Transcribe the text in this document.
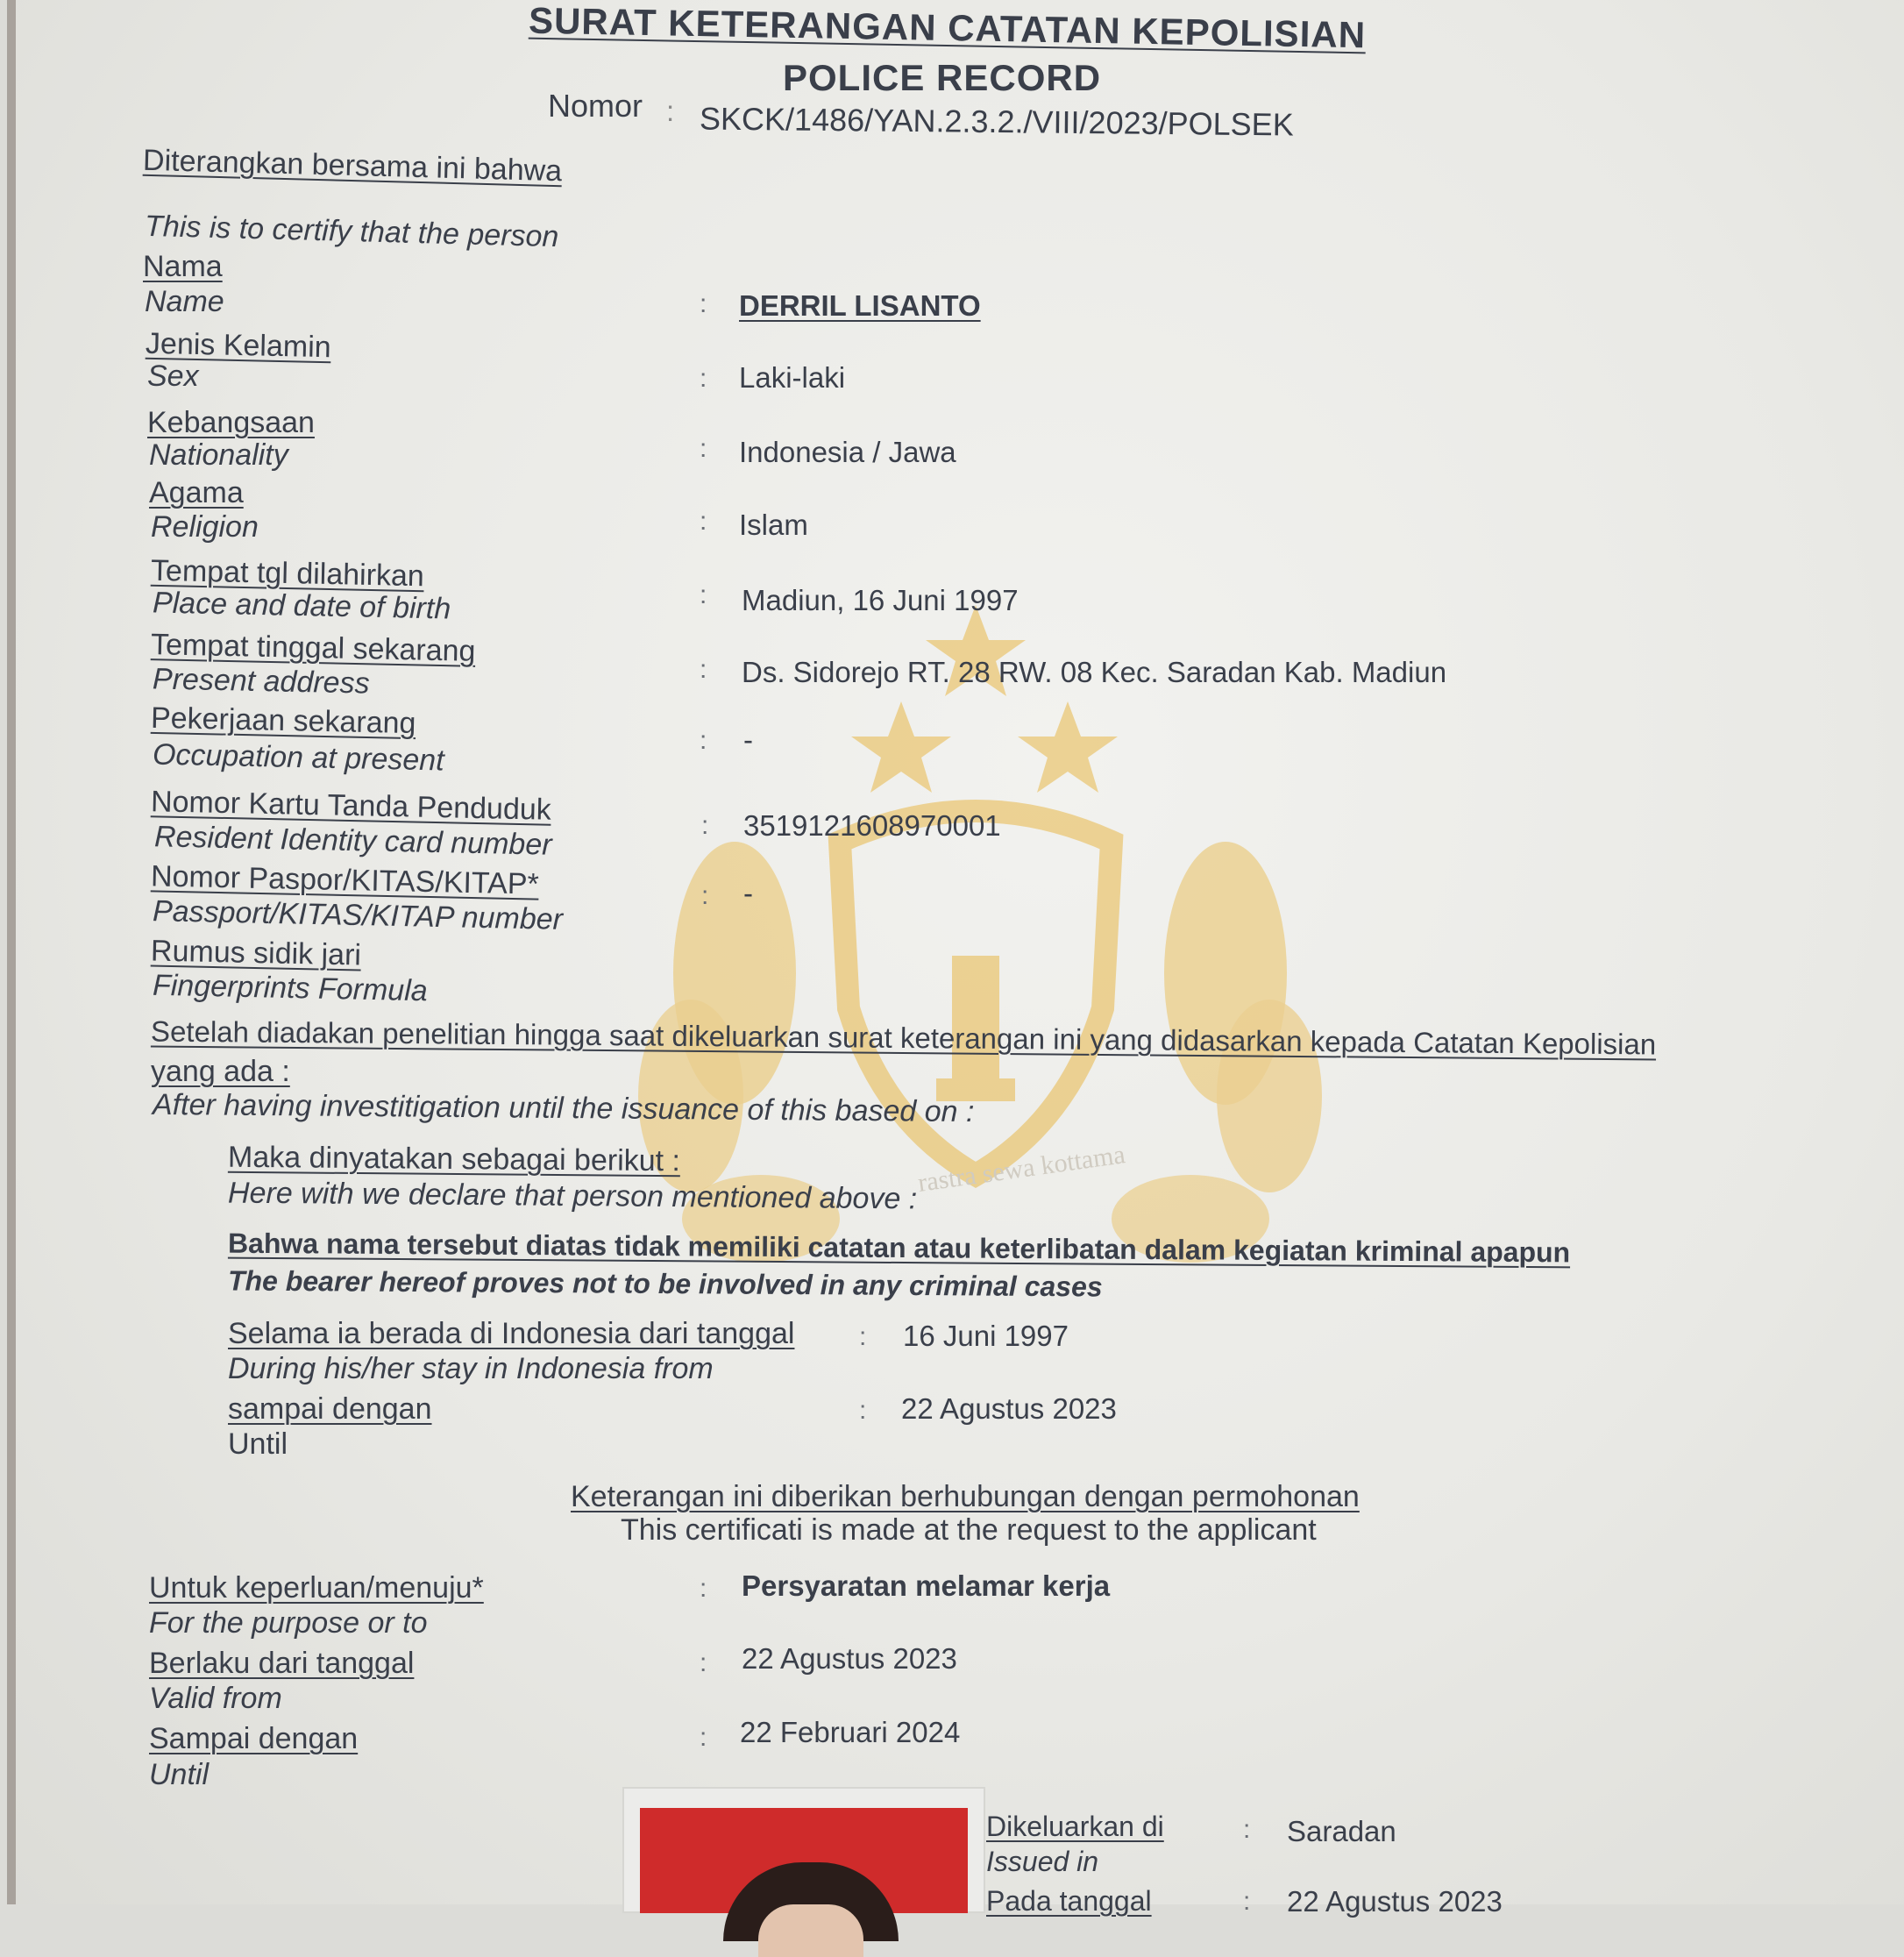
rastra sewa kottama
SURAT KETERANGAN CATATAN KEPOLISIAN
POLICE RECORD
Nomor : SKCK/1486/YAN.2.3.2./VIII/2023/POLSEK
Diterangkan bersama ini bahwa
This is to certify that the person
Nama
Name	: DERRIL LISANTO
Jenis Kelamin
Sex	: Laki-laki
Kebangsaan
Nationality	: Indonesia / Jawa
Agama
Religion	: Islam
Tempat tgl dilahirkan
Place and date of birth	: Madiun, 16 Juni 1997
Tempat tinggal sekarang
Present address	: Ds. Sidorejo RT. 28 RW. 08 Kec. Saradan Kab. Madiun
Pekerjaan sekarang
Occupation at present	: -
Nomor Kartu Tanda Penduduk
Resident Identity card number	: 3519121608970001
Nomor Paspor/KITAS/KITAP*
Passport/KITAS/KITAP number	: -
Rumus sidik jari
Fingerprints Formula
Setelah diadakan penelitian hingga saat dikeluarkan surat keterangan ini yang didasarkan kepada Catatan Kepolisian
yang ada :
After having investitigation until the issuance of this based on :
Maka dinyatakan sebagai berikut :
Here with we declare that person mentioned above :
Bahwa nama tersebut diatas tidak memiliki catatan atau keterlibatan dalam kegiatan kriminal apapun
The bearer hereof proves not to be involved in any criminal cases
Selama ia berada di Indonesia dari tanggal
During his/her stay in Indonesia from
: 16 Juni 1997
sampai dengan
Until
: 22 Agustus 2023
Keterangan ini diberikan berhubungan dengan permohonan
This certificati is made at the request to the applicant
Untuk keperluan/menuju*
For the purpose or to
: Persyaratan melamar kerja
Berlaku dari tanggal
Valid from
: 22 Agustus 2023
Sampai dengan
Until
: 22 Februari 2024
Dikeluarkan di
Issued in
: Saradan
Pada tanggal	: 22 Agustus 2023
